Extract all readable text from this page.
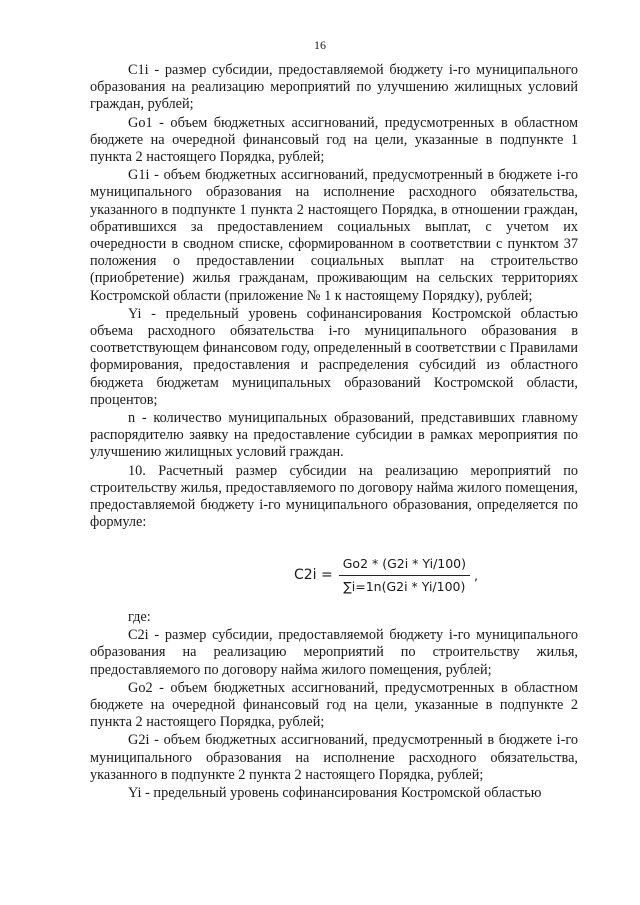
16

C1i - размер субсидии, предоставляемой бюджету i-го муниципального образования на реализацию мероприятий по улучшению жилищных условий граждан, рублей;

Go1 - объем бюджетных ассигнований, предусмотренных в областном бюджете на очередной финансовый год на цели, указанные в подпункте 1 пункта 2 настоящего Порядка, рублей;

G1i - объем бюджетных ассигнований, предусмотренный в бюджете i-го муниципального образования на исполнение расходного обязательства, указанного в подпункте 1 пункта 2 настоящего Порядка, в отношении граждан, обратившихся за предоставлением социальных выплат, с учетом их очередности в сводном списке, сформированном в соответствии с пунктом 37 положения о предоставлении социальных выплат на строительство (приобретение) жилья гражданам, проживающим на сельских территориях Костромской области (приложение № 1 к настоящему Порядку), рублей;

Yi - предельный уровень софинансирования Костромской областью объема расходного обязательства i-го муниципального образования в соответствующем финансовом году, определенный в соответствии с Правилами формирования, предоставления и распределения субсидий из областного бюджета бюджетам муниципальных образований Костромской области, процентов;

n - количество муниципальных образований, представивших главному распорядителю заявку на предоставление субсидии в рамках мероприятия по улучшению жилищных условий граждан.

10. Расчетный размер субсидии на реализацию мероприятий по строительству жилья, предоставляемого по договору найма жилого помещения, предоставляемой бюджету i-го муниципального образования, определяется по формуле:

$C2i = \frac{Go2 * (G2i * Yi/100)}{\sum i=1n(G2i * Yi/100)}$ ,

где:

C2i - размер субсидии, предоставляемой бюджету i-го муниципального образования на реализацию мероприятий по строительству жилья, предоставляемого по договору найма жилого помещения, рублей;

Go2 - объем бюджетных ассигнований, предусмотренных в областном бюджете на очередной финансовый год на цели, указанные в подпункте 2 пункта 2 настоящего Порядка, рублей;

G2i - объем бюджетных ассигнований, предусмотренный в бюджете i-го муниципального образования на исполнение расходного обязательства, указанного в подпункте 2 пункта 2 настоящего Порядка, рублей;

Yi - предельный уровень софинансирования Костромской областью
